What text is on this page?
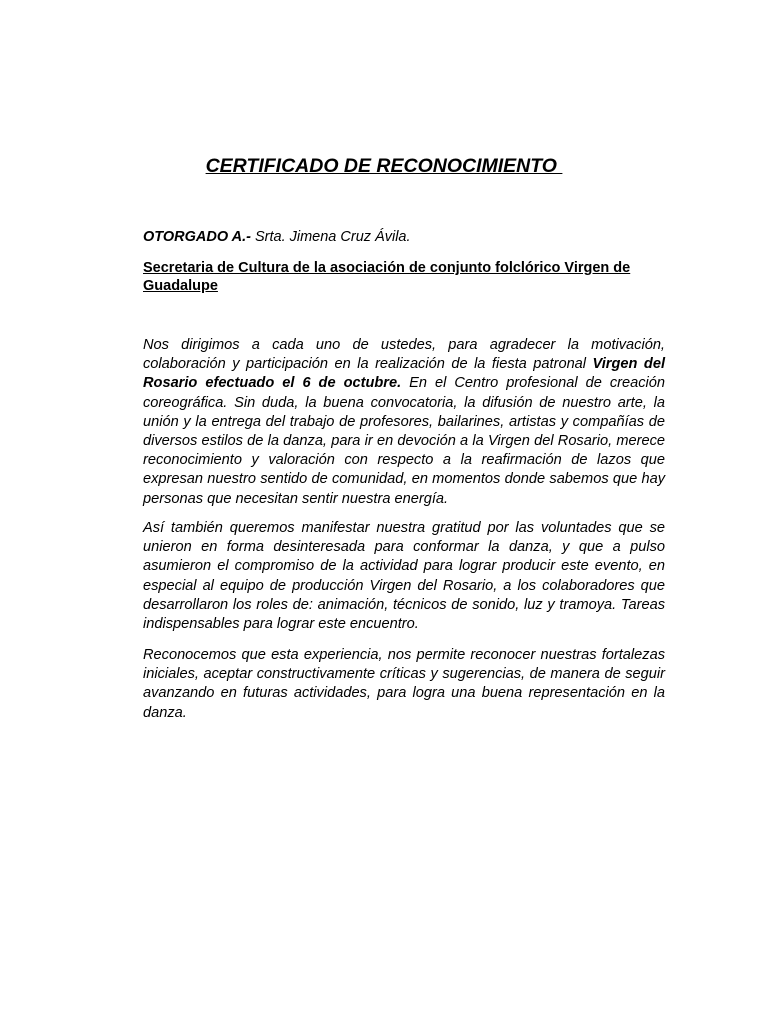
CERTIFICADO DE RECONOCIMIENTO
OTORGADO A.- Srta. Jimena Cruz Ávila.
Secretaria de Cultura de la asociación de conjunto folclórico Virgen de Guadalupe

Nos dirigimos a cada uno de ustedes, para agradecer la motivación, colaboración y participación en la realización de la fiesta patronal Virgen del Rosario efectuado el 6 de octubre. En el Centro profesional de creación coreográfica. Sin duda, la buena convocatoria, la difusión de nuestro arte, la unión y la entrega del trabajo de profesores, bailarines, artistas y compañías de diversos estilos de la danza, para ir en devoción a la Virgen del Rosario, merece reconocimiento y valoración con respecto a la reafirmación de lazos que expresan nuestro sentido de comunidad, en momentos donde sabemos que hay personas que necesitan sentir nuestra energía.

Así también queremos manifestar nuestra gratitud por las voluntades que se unieron en forma desinteresada para conformar la danza, y que a pulso asumieron el compromiso de la actividad para lograr producir este evento, en especial al equipo de producción Virgen del Rosario, a los colaboradores que desarrollaron los roles de: animación, técnicos de sonido, luz y tramoya. Tareas indispensables para lograr este encuentro.

Reconocemos que esta experiencia, nos permite reconocer nuestras fortalezas iniciales, aceptar constructivamente críticas y sugerencias, de manera de seguir avanzando en futuras actividades, para logra una buena representación en la danza.
